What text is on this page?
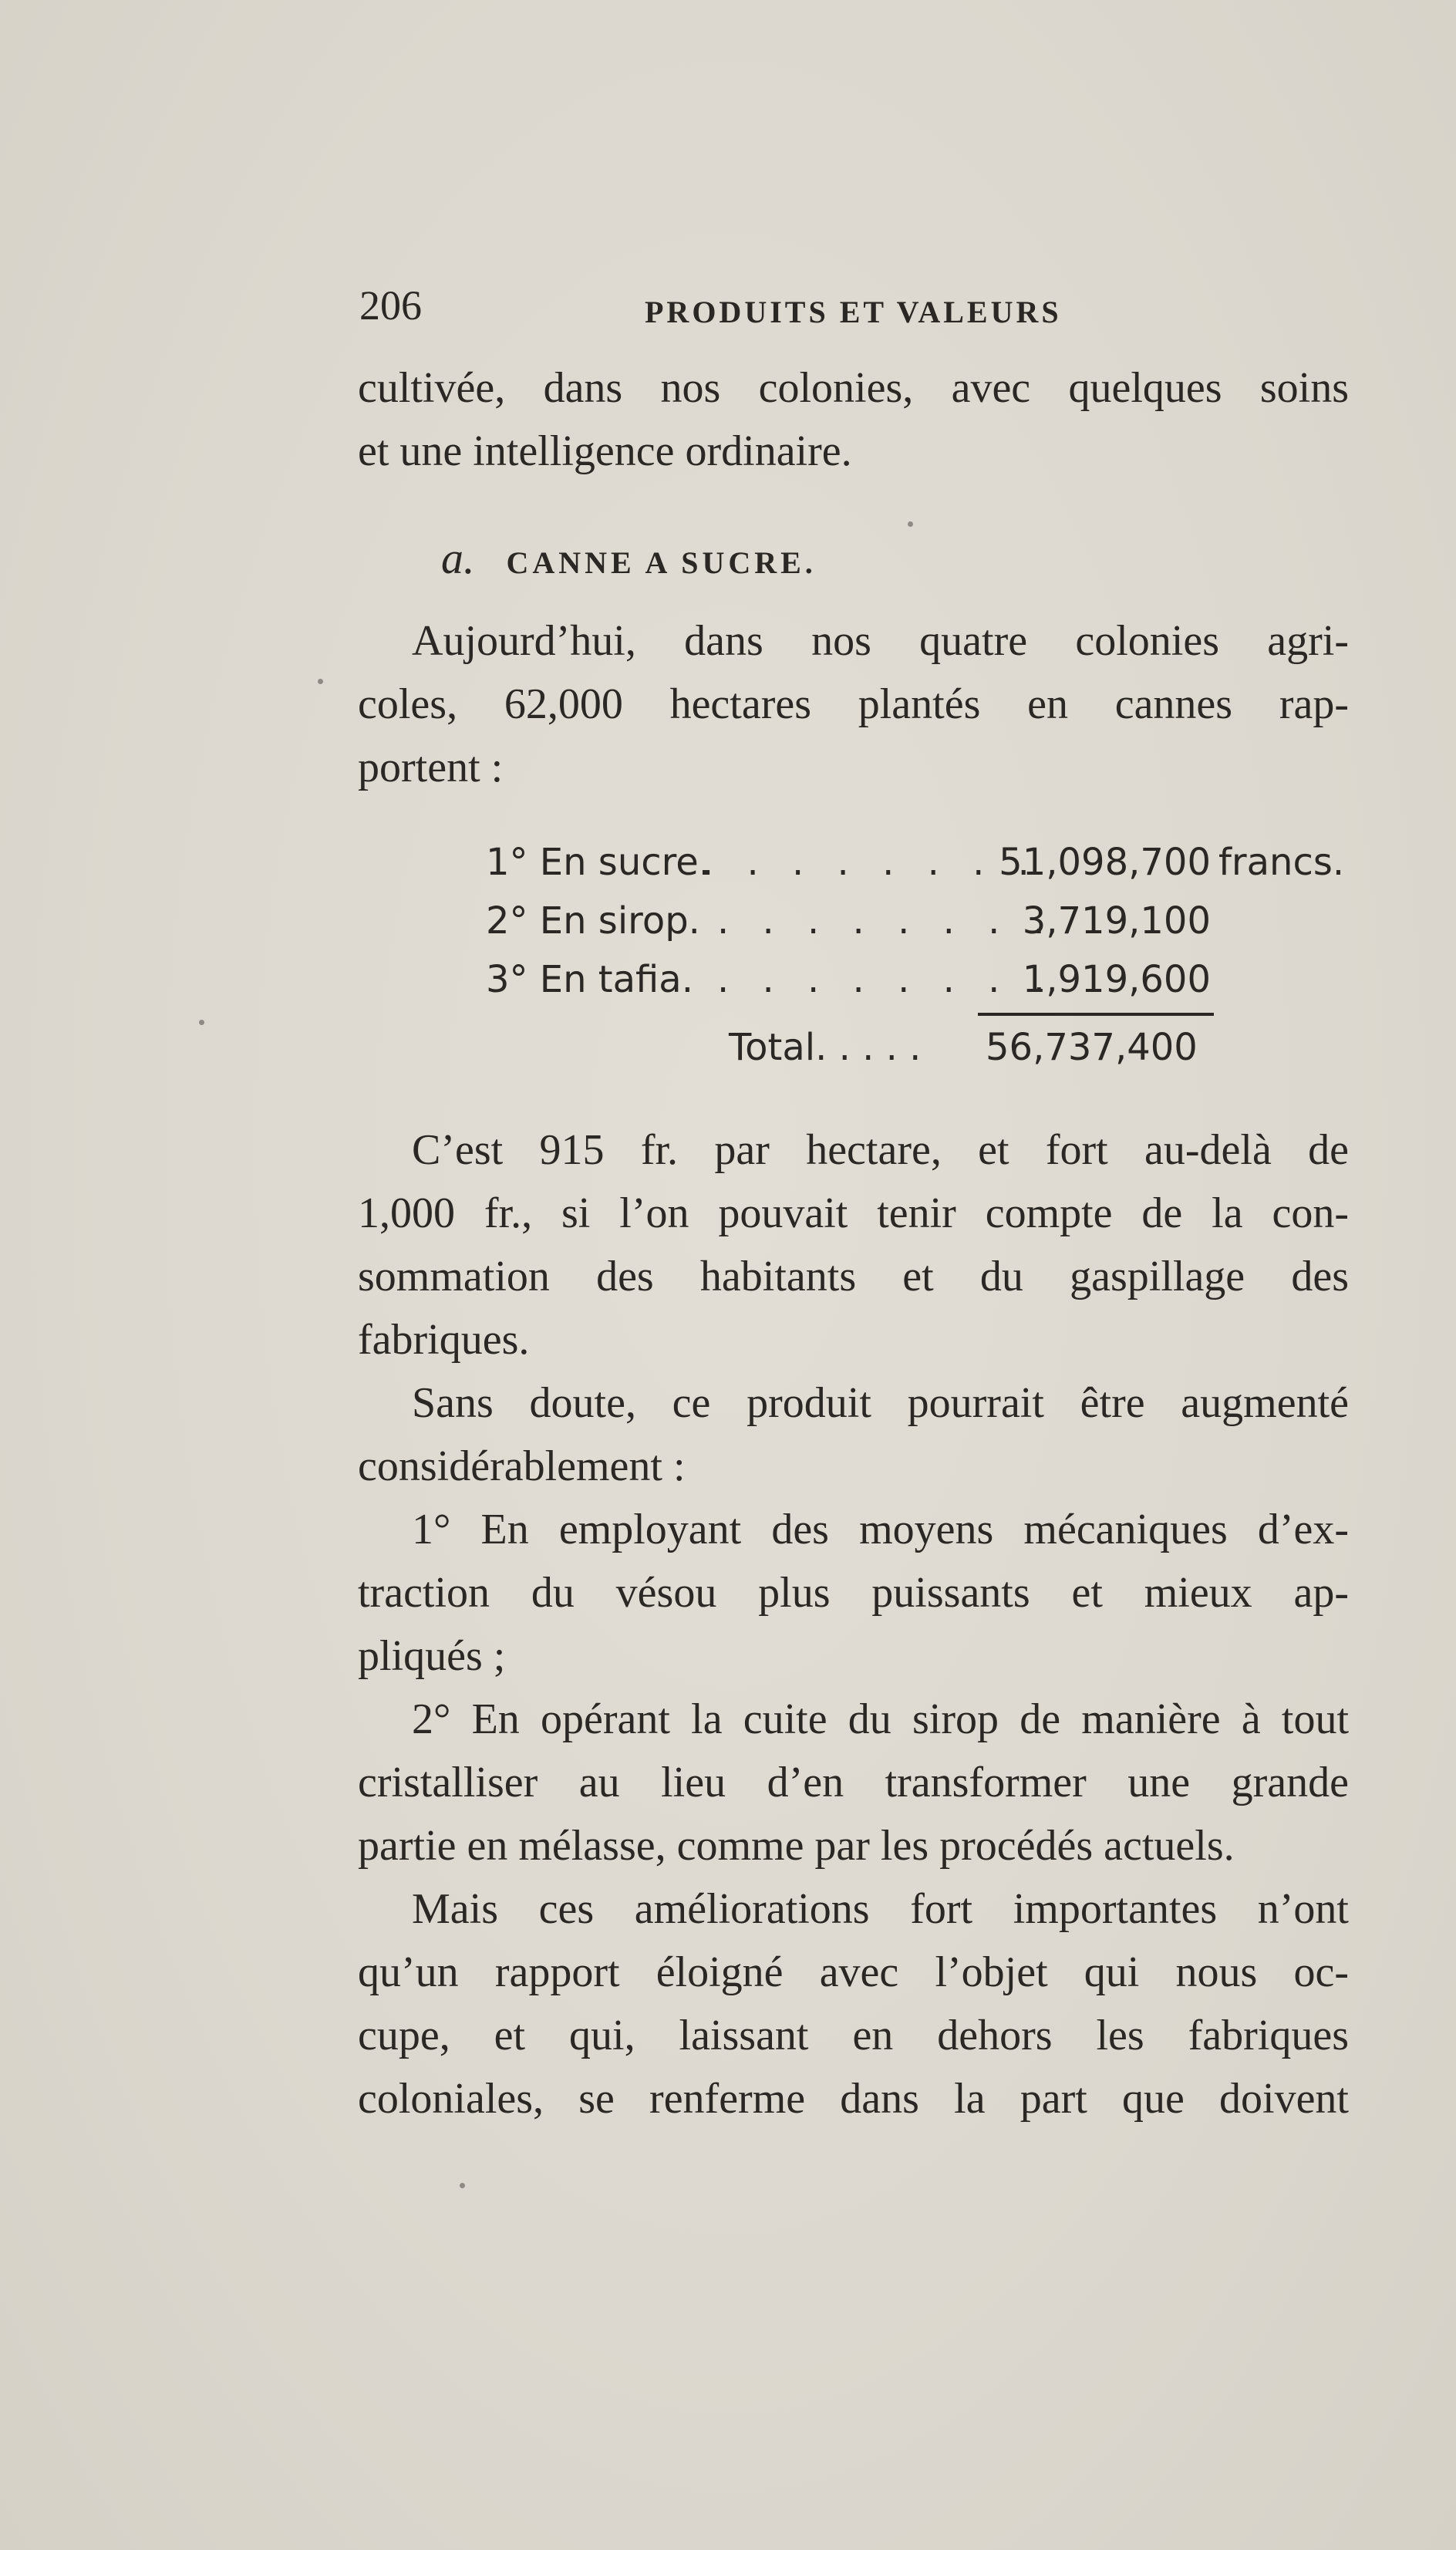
206	PRODUITS ET VALEURS
cultivée, dans nos colonies, avec quelques soins
et une intelligence ordinaire.
a. CANNE A SUCRE.
Aujourd’hui, dans nos quatre colonies agri-
coles, 62,000 hectares plantés en cannes rap-
portent :
1° En sucre.
. . . . . . . .
51,098,700 francs.
2° En sirop. . . . . . . . .
3,719,100
3° En tafia. . . . . . . . .
1,919,600
Total. . . . . 56,737,400
C’est 915 fr. par hectare, et fort au-delà de
1,000 fr., si l’on pouvait tenir compte de la con-
sommation des habitants et du gaspillage des
fabriques.
Sans doute, ce produit pourrait être augmenté
considérablement :
1° En employant des moyens mécaniques d’ex-
traction du vésou plus puissants et mieux ap-
pliqués ;
2° En opérant la cuite du sirop de manière à tout
cristalliser au lieu d’en transformer une grande
partie en mélasse, comme par les procédés actuels.
Mais ces améliorations fort importantes n’ont
qu’un rapport éloigné avec l’objet qui nous oc-
cupe, et qui, laissant en dehors les fabriques
coloniales, se renferme dans la part que doivent
